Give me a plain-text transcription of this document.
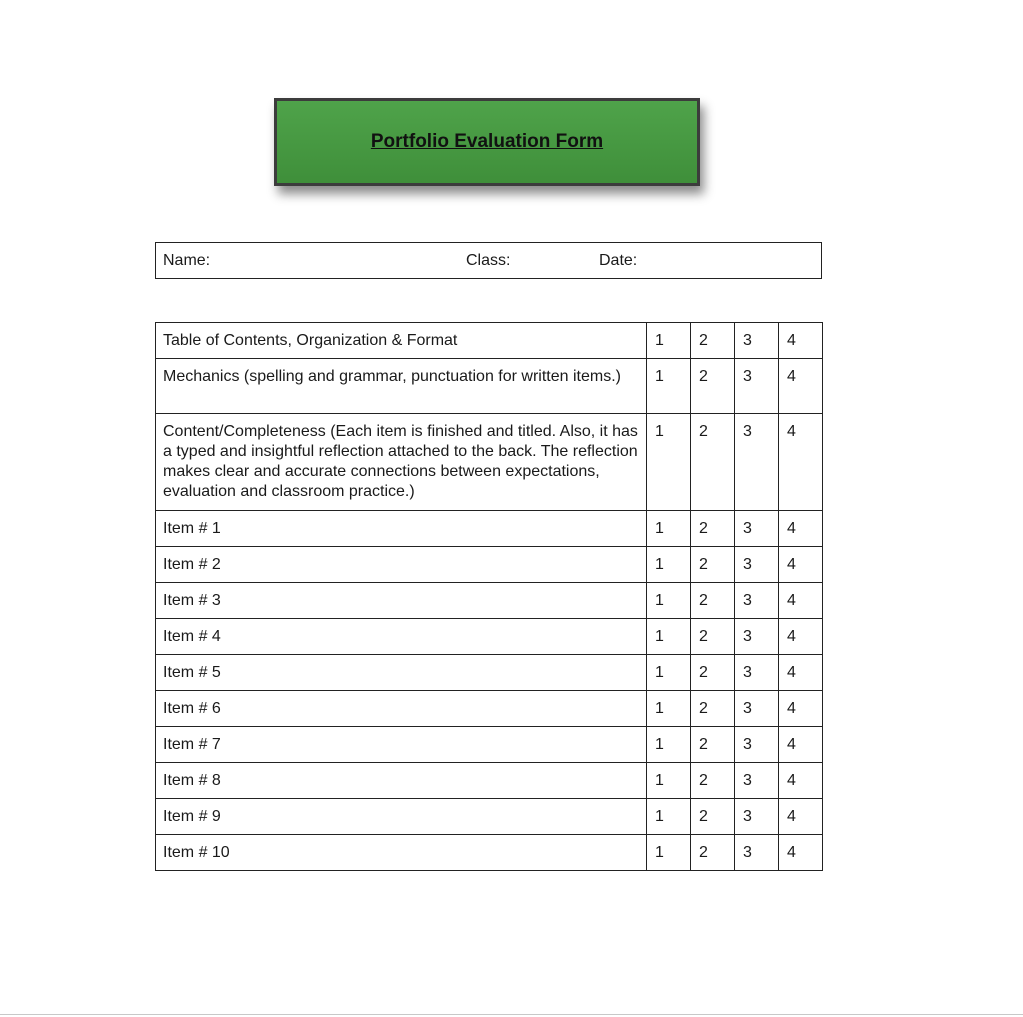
Portfolio Evaluation Form
Name:	Class:	Date:
Table of Contents, Organization & Format	1	2	3	4
Mechanics (spelling and grammar, punctuation for written items.)	1	2	3	4
Content/Completeness (Each item is finished and titled. Also, it has a typed and insightful reflection attached to the back. The reflection makes clear and accurate connections between expectations, evaluation and classroom practice.)	1	2	3	4
Item # 1	1	2	3	4
Item # 2	1	2	3	4
Item # 3	1	2	3	4
Item # 4	1	2	3	4
Item # 5	1	2	3	4
Item # 6	1	2	3	4
Item # 7	1	2	3	4
Item # 8	1	2	3	4
Item # 9	1	2	3	4
Item # 10	1	2	3	4
